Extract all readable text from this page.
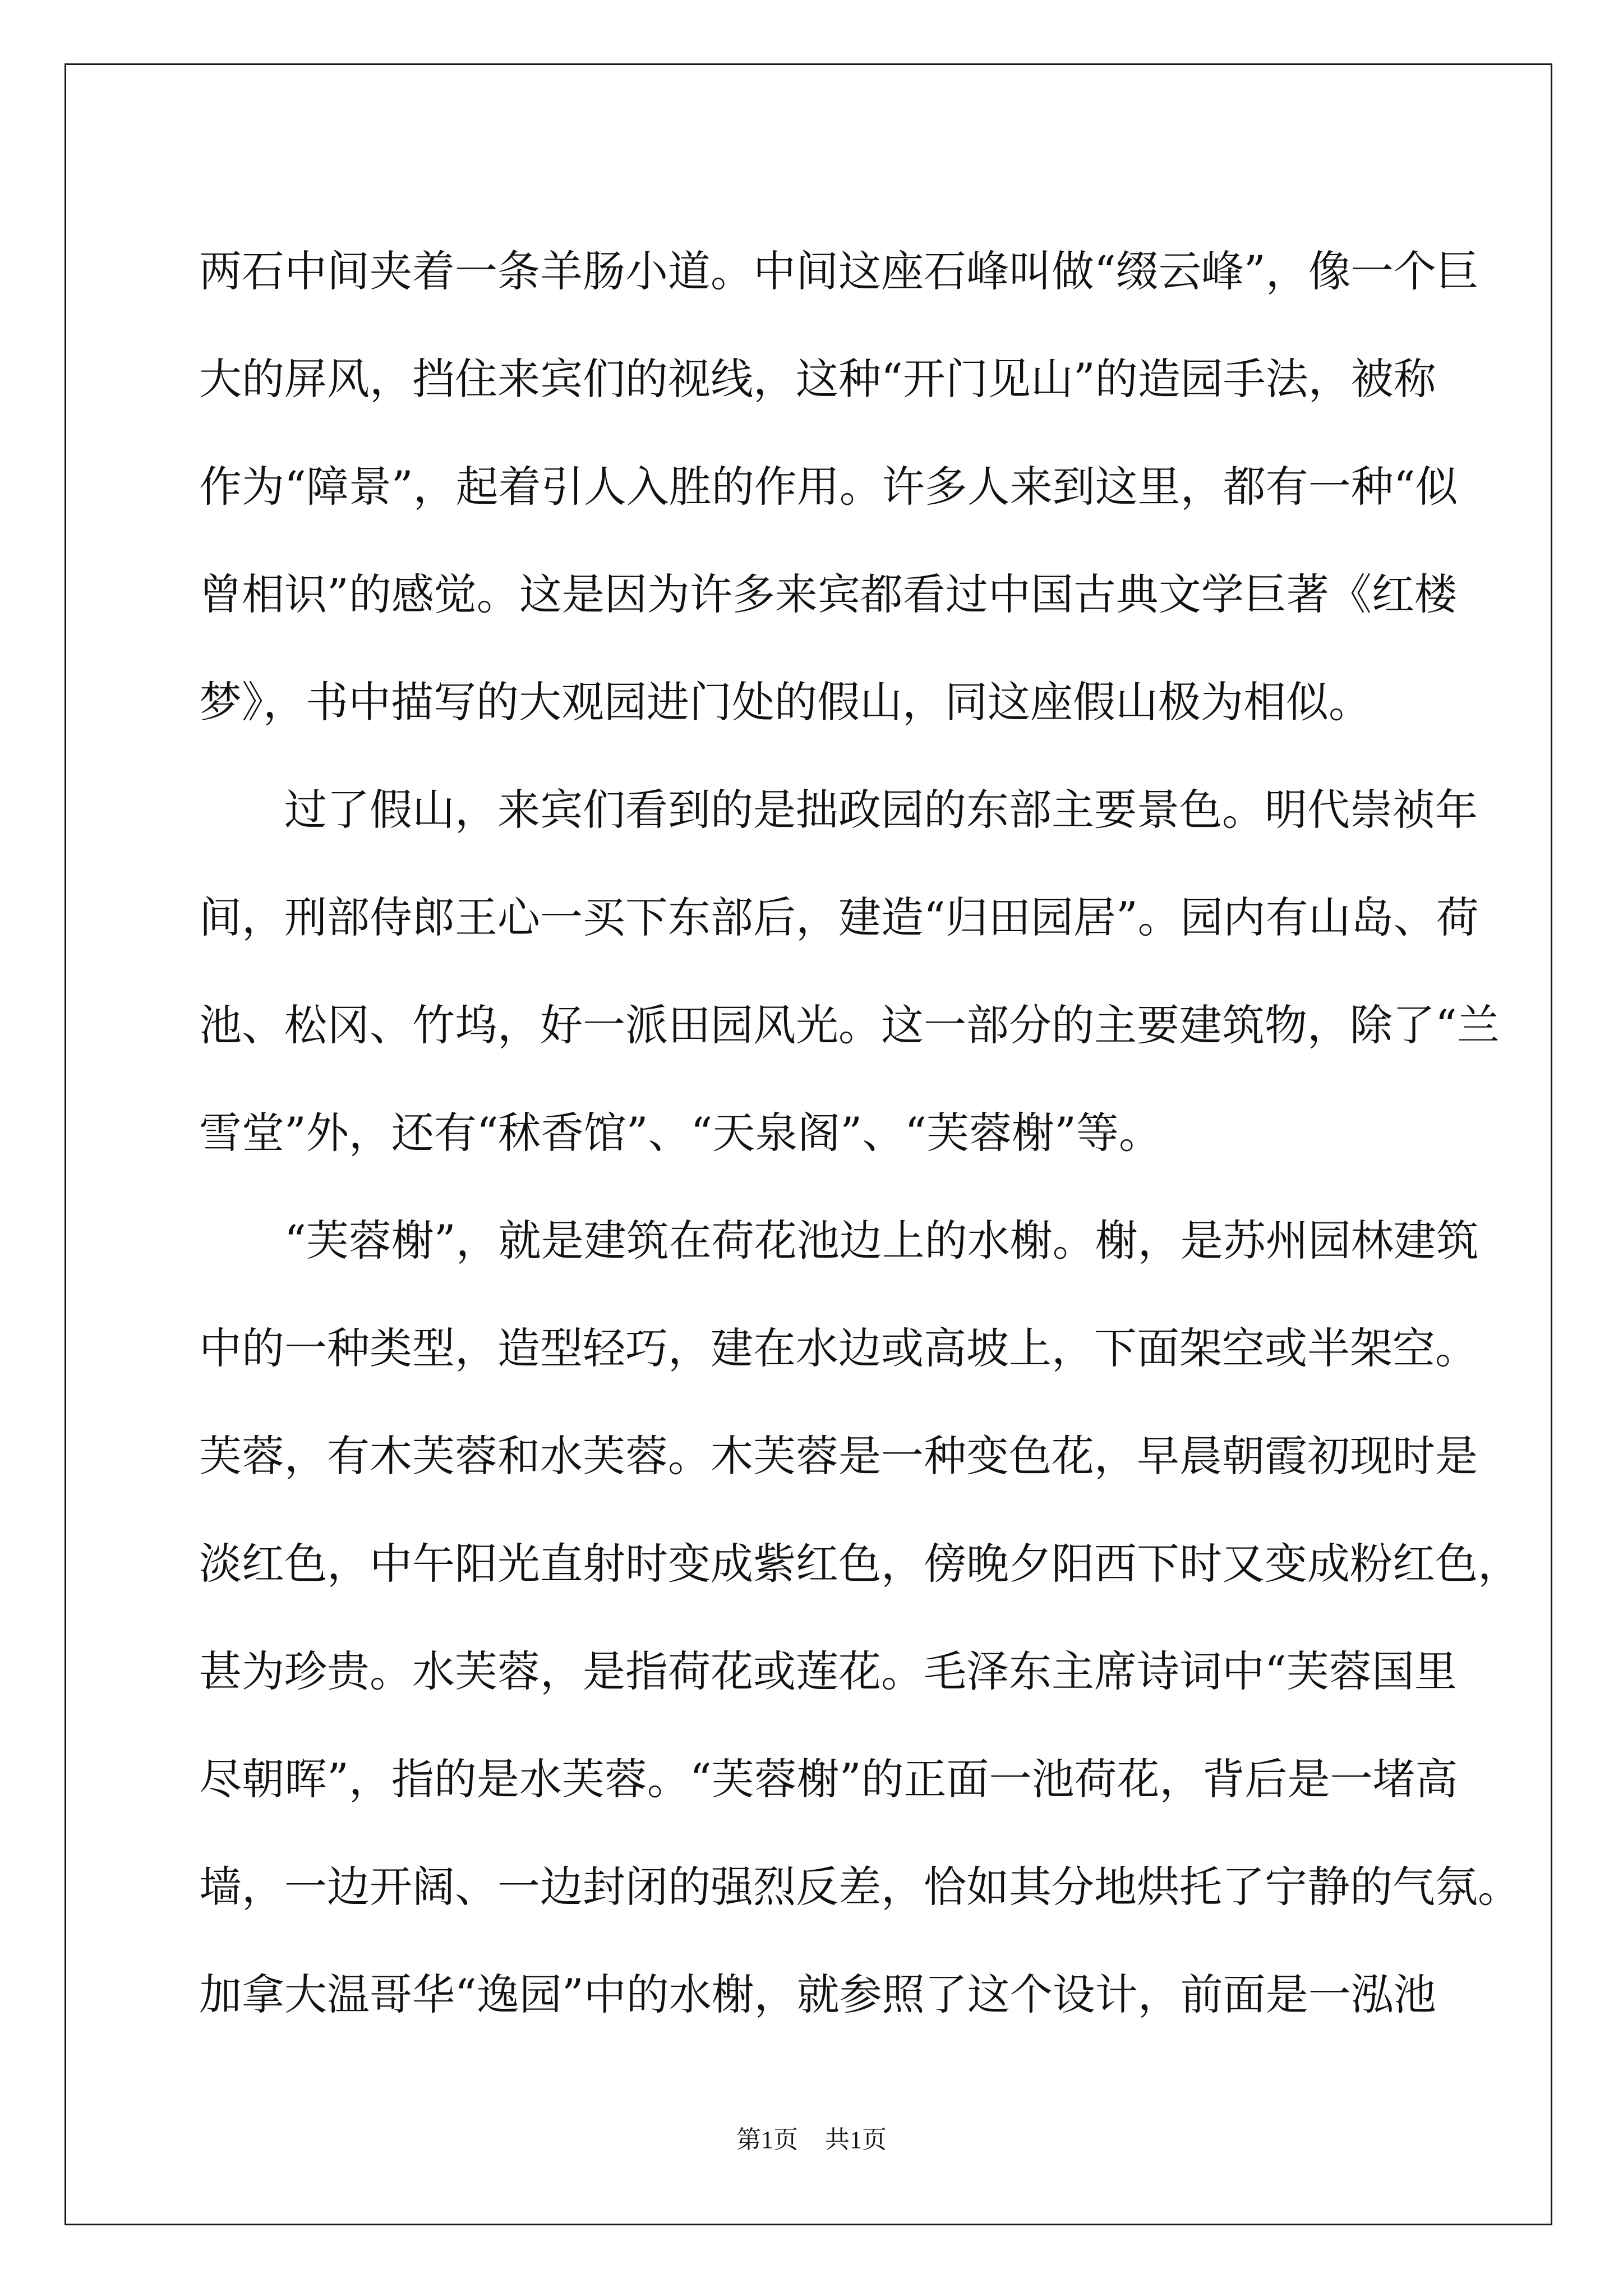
两石中间夹着一条羊肠小道。中间这座石峰叫做“缀云峰”，像一个巨
大的屏风，挡住来宾们的视线，这种“开门见山”的造园手法，被称
作为“障景”，起着引人入胜的作用。许多人来到这里，都有一种“似
曾相识”的感觉。这是因为许多来宾都看过中国古典文学巨著《红楼
梦》，书中描写的大观园进门处的假山，同这座假山极为相似。
过了假山，来宾们看到的是拙政园的东部主要景色。明代崇祯年
间，刑部侍郎王心一买下东部后，建造“归田园居”。园内有山岛、荷
池、松冈、竹坞，好一派田园风光。这一部分的主要建筑物，除了“兰
雪堂”外，还有“秫香馆”、“天泉阁”、“芙蓉榭”等。
“芙蓉榭”，就是建筑在荷花池边上的水榭。榭，是苏州园林建筑
中的一种类型，造型轻巧，建在水边或高坡上，下面架空或半架空。
芙蓉，有木芙蓉和水芙蓉。木芙蓉是一种变色花，早晨朝霞初现时是
淡红色，中午阳光直射时变成紫红色，傍晚夕阳西下时又变成粉红色，
甚为珍贵。水芙蓉，是指荷花或莲花。毛泽东主席诗词中“芙蓉国里
尽朝晖”，指的是水芙蓉。“芙蓉榭”的正面一池荷花，背后是一堵高
墙，一边开阔、一边封闭的强烈反差，恰如其分地烘托了宁静的气氛。
加拿大温哥华“逸园”中的水榭，就参照了这个设计，前面是一泓池
第1页 共1页
